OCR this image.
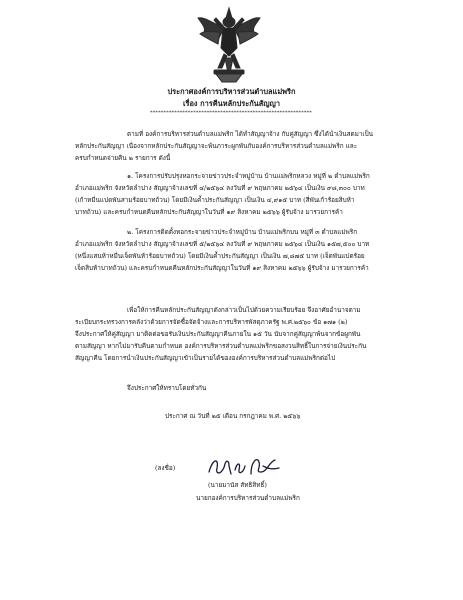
ประกาศองค์การบริหารส่วนตำบลแม่พริก
เรื่อง การคืนหลักประกันสัญญา
************************************************************
ตามที่ องค์การบริหารส่วนตำบลแม่พริก ได้ทำสัญญาจ้าง กับคู่สัญญา ซึ่งได้นำเงินสดมาเป็น
หลักประกันสัญญา เนื่องจากหลักประกันสัญญาจะพ้นภาระผูกพันกับองค์การบริหารส่วนตำบลแม่พริก และ
ครบกำหนดจ่ายคืน ๒ รายการ ดังนี้
๑. โครงการปรับปรุงหอกระจายข่าวประจำหมู่บ้าน บ้านแม่พริกหลวง หมู่ที่ ๒ ตำบลแม่พริก
อำเภอแม่พริก จังหวัดลำปาง สัญญาจ้างเลขที่ ๔/๒๕๖๔ ลงวันที่ ๙ พฤษภาคม ๒๕๖๔ เป็นเงิน ๙๘,๓๐๐ บาท
(เก้าหมื่นแปดพันสามร้อยบาทถ้วน) โดยมีเงินค้ำประกันสัญญา เป็นเงิน ๔,๙๑๕ บาท (สี่พันเก้าร้อยสิบห้า
บาทถ้วน) และครบกำหนดคืนหลักประกันสัญญาในวันที่ ๑๙ สิงหาคม ๒๕๖๖ ผู้รับจ้าง มารวยการค้า
๒. โครงการติดตั้งหอกระจายข่าวประจำหมู่บ้าน บ้านแม่พริกบน หมู่ที่ ๓ ตำบลแม่พริก
อำเภอแม่พริก จังหวัดลำปาง สัญญาจ้างเลขที่ ๕/๒๕๖๔ ลงวันที่ ๙ พฤษภาคม ๒๕๖๔ เป็นเงิน ๑๕๗,๕๐๐ บาท
(หนึ่งแสนห้าหมื่นเจ็ดพันห้าร้อยบาทถ้วน) โดยมีเงินค้ำประกันสัญญา เป็นเงิน ๗,๘๗๕ บาท (เจ็ดพันแปดร้อย
เจ็ดสิบห้าบาทถ้วน) และครบกำหนดคืนหลักประกันสัญญาในวันที่ ๑๙ สิงหาคม ๒๕๖๖ ผู้รับจ้าง มารวยการค้า
เพื่อให้การคืนหลักประกันสัญญาดังกล่าวเป็นไปด้วยความเรียบร้อย จึงอาศัยอำนาจตาม
ระเบียบกระทรวงการคลังว่าด้วยการจัดซื้อจัดจ้างและการบริหารพัสดุภาครัฐ พ.ศ.๒๕๖๐ ข้อ ๑๗๑ (๒)
จึงประกาศให้คู่สัญญา มาติดต่อขอรับเงินประกันสัญญาคืนภายใน ๑๕ วัน นับจากคู่สัญญาพ้นจากข้อผูกพัน
ตามสัญญา หากไม่มารับคืนตามกำหนด องค์การบริหารส่วนตำบลแม่พริกขอสงวนสิทธิ์ในการจ่ายเงินประกัน
สัญญาคืน โดยการนำเงินประกันสัญญาเข้าเป็นรายได้ขององค์การบริหารส่วนตำบลแม่พริกต่อไป
จึงประกาศให้ทราบโดยทั่วกัน
ประกาศ ณ วันที่ ๒๕ เดือน กรกฎาคม พ.ศ. ๒๕๖๖
(ลงชื่อ)
(นายมานัส สัทธิสิทธิ์)
นายกองค์การบริหารส่วนตำบลแม่พริก
